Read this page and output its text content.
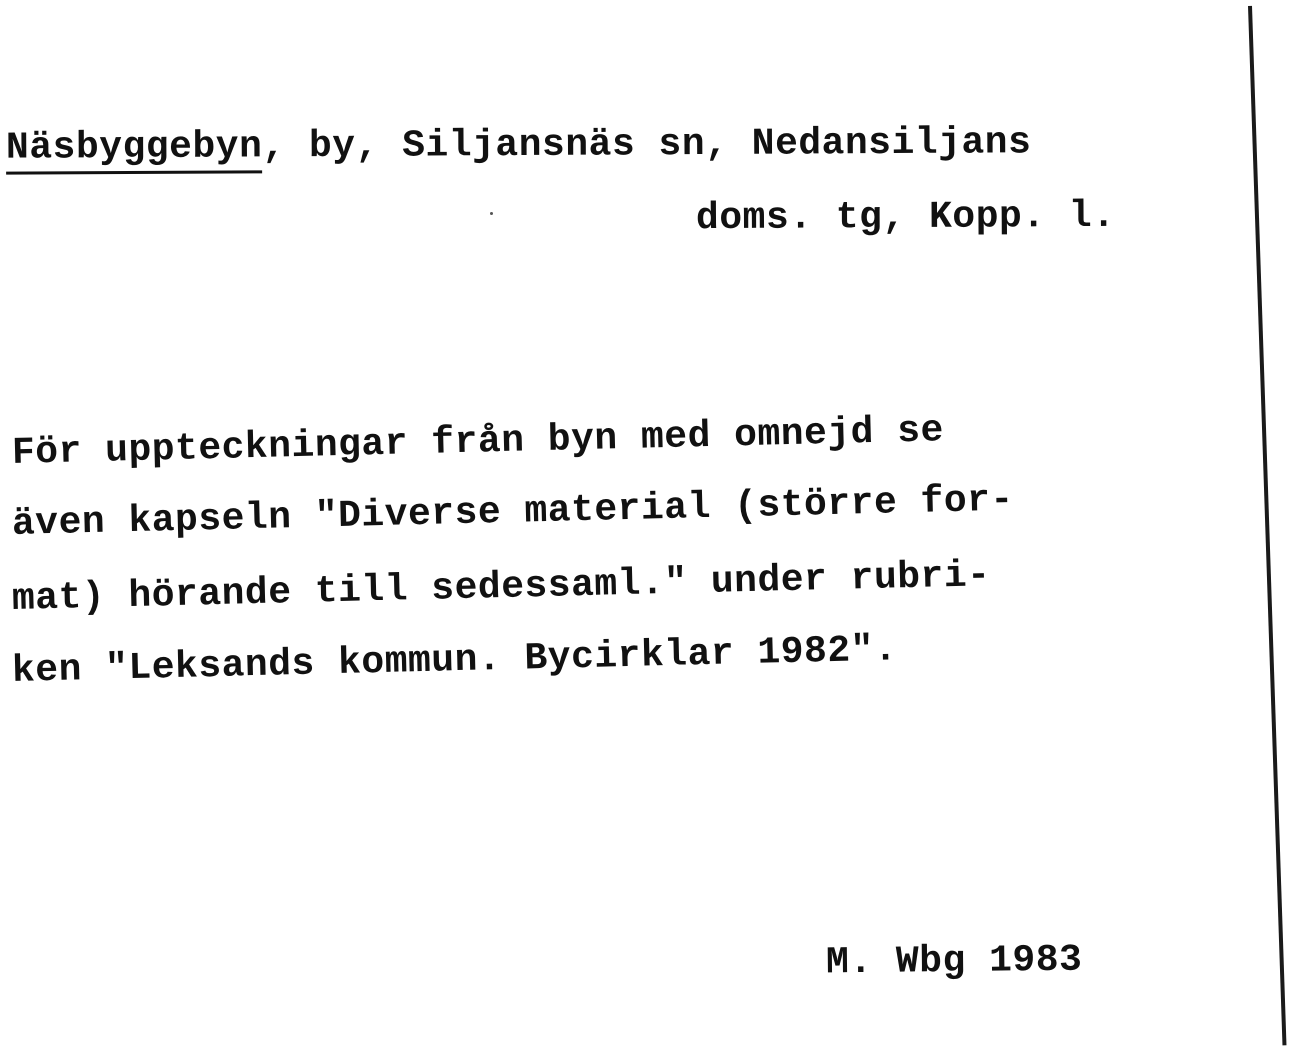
Näsbyggebyn, by, Siljansnäs sn, Nedansiljans
doms. tg, Kopp. l.
För uppteckningar från byn med omnejd se
även kapseln "Diverse material (större for-
mat) hörande till sedessaml." under rubri-
ken "Leksands kommun. Bycirklar 1982".
M. Wbg 1983
